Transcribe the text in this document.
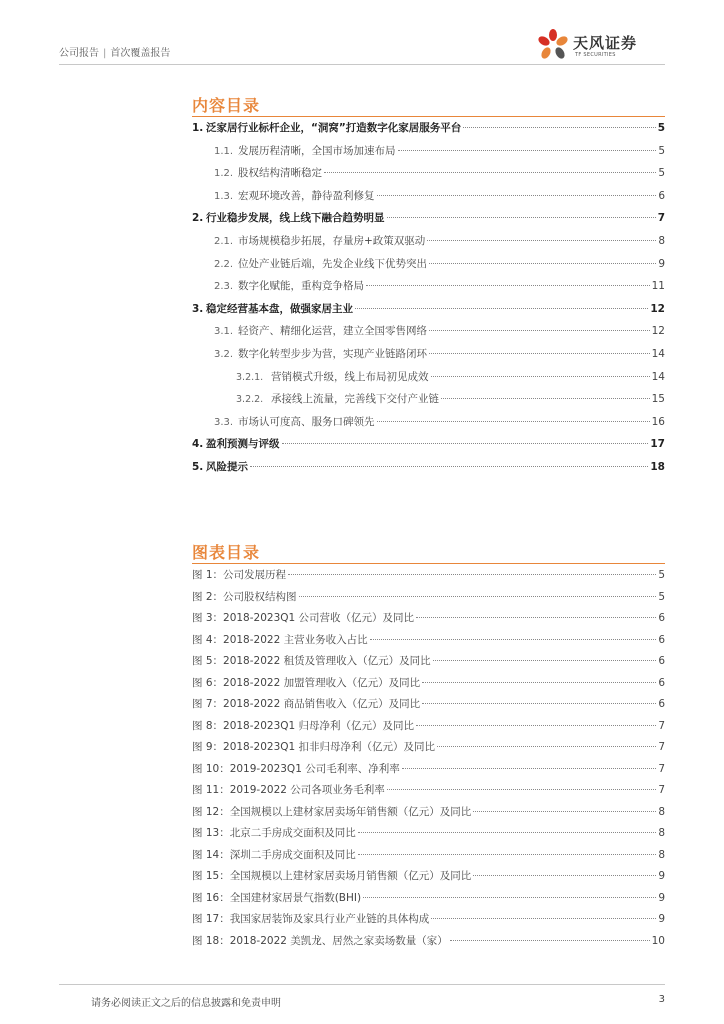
公司报告 | 首次覆盖报告
天风证券
TF SECURITIES
内容目录
1. 泛家居行业标杆企业，“洞窝”打造数字化家居服务平台	5
1.1. 发展历程清晰，全国市场加速布局	5
1.2. 股权结构清晰稳定	5
1.3. 宏观环境改善，静待盈利修复	6
2. 行业稳步发展，线上线下融合趋势明显	7
2.1. 市场规模稳步拓展，存量房+政策双驱动	8
2.2. 位处产业链后端，先发企业线下优势突出	9
2.3. 数字化赋能，重构竞争格局	11
3. 稳定经营基本盘，做强家居主业	12
3.1. 轻资产、精细化运营，建立全国零售网络	12
3.2. 数字化转型步步为营，实现产业链路闭环	14
3.2.1. 营销模式升级，线上布局初见成效	14
3.2.2. 承接线上流量，完善线下交付产业链	15
3.3. 市场认可度高、服务口碑领先	16
4. 盈利预测与评级	17
5. 风险提示	18
图表目录
图 1：公司发展历程	5
图 2：公司股权结构图	5
图 3：2018-2023Q1 公司营收（亿元）及同比	6
图 4：2018-2022 主营业务收入占比	6
图 5：2018-2022 租赁及管理收入（亿元）及同比	6
图 6：2018-2022 加盟管理收入（亿元）及同比	6
图 7：2018-2022 商品销售收入（亿元）及同比	6
图 8：2018-2023Q1 归母净利（亿元）及同比	7
图 9：2018-2023Q1 扣非归母净利（亿元）及同比	7
图 10：2019-2023Q1 公司毛利率、净利率	7
图 11：2019-2022 公司各项业务毛利率	7
图 12：全国规模以上建材家居卖场年销售额（亿元）及同比	8
图 13：北京二手房成交面积及同比	8
图 14：深圳二手房成交面积及同比	8
图 15：全国规模以上建材家居卖场月销售额（亿元）及同比	9
图 16：全国建材家居景气指数(BHI)	9
图 17：我国家居装饰及家具行业产业链的具体构成	9
图 18：2018-2022 美凯龙、居然之家卖场数量（家）	10
请务必阅读正文之后的信息披露和免责申明	3
